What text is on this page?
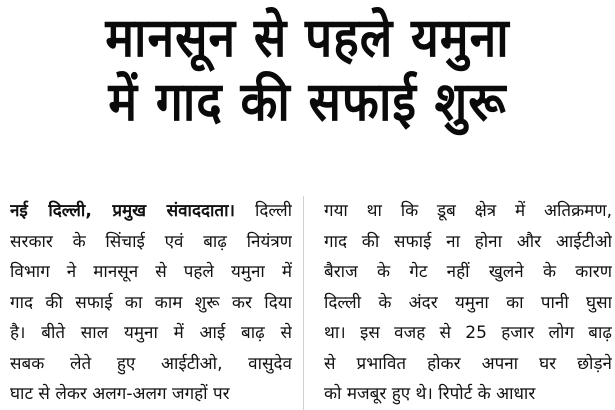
मानसून से पहले यमुना
में गाद की सफाई शुरू
नई दिल्ली, प्रमुख संवाददाता। दिल्ली
सरकार के सिंचाई एवं बाढ़ नियंत्रण
विभाग ने मानसून से पहले यमुना में
गाद की सफाई का काम शुरू कर दिया
है। बीते साल यमुना में आई बाढ़ से
सबक लेते हुए आईटीओ, वासुदेव
घाट से लेकर अलग-अलग जगहों पर
गया था कि डूब क्षेत्र में अतिक्रमण,
गाद की सफाई ना होना और आईटीओ
बैराज के गेट नहीं खुलने के कारण
दिल्ली के अंदर यमुना का पानी घुसा
था। इस वजह से 25 हजार लोग बाढ़
से प्रभावित होकर अपना घर छोड़ने
को मजबूर हुए थे। रिपोर्ट के आधार
